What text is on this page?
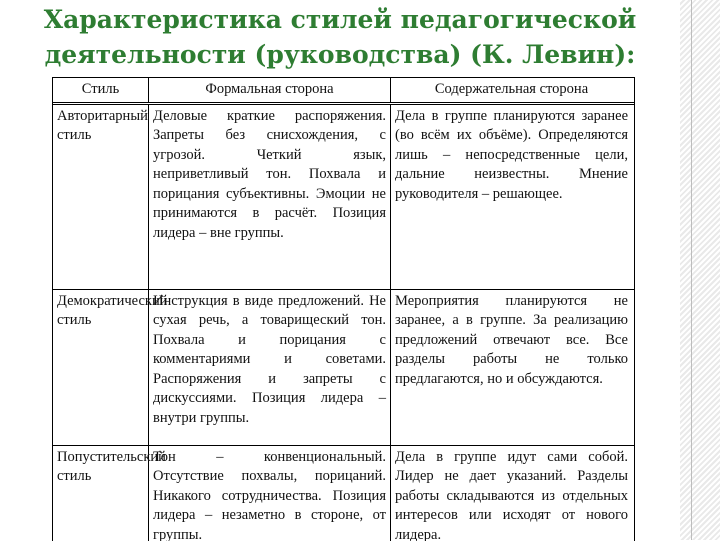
Характеристика стилей педагогической
деятельности (руководства) (К. Левин):
Стиль	Формальная сторона	Содержательная сторона
Авторитарный стиль
Деловые краткие распоряжения. Запреты без снисхождения, с угрозой. Четкий язык, неприветливый тон. Похвала и порицания субъективны. Эмоции не принимаются в расчёт. Позиция лидера – вне группы.
Дела в группе планируются заранее (во всём их объёме). Определяются лишь – непосредственные цели, дальние неизвестны. Мнение руководителя – решающее.
Демократический стиль
Инструкция в виде предложений. Не сухая речь, а товарищеский тон. Похвала и порицания с комментариями и советами. Распоряжения и запреты с дискуссиями. Позиция лидера – внутри группы.
Мероприятия планируются не заранее, а в группе. За реализацию предложений отвечают все. Все разделы работы не только предлагаются, но и обсуждаются.
Попустительский стиль
Тон – конвенциональный. Отсутствие похвалы, порицаний. Никакого сотрудничества. Позиция лидера – незаметно в стороне, от группы.
Дела в группе идут сами собой. Лидер не дает указаний. Разделы работы складываются из отдельных интересов или исходят от нового лидера.
